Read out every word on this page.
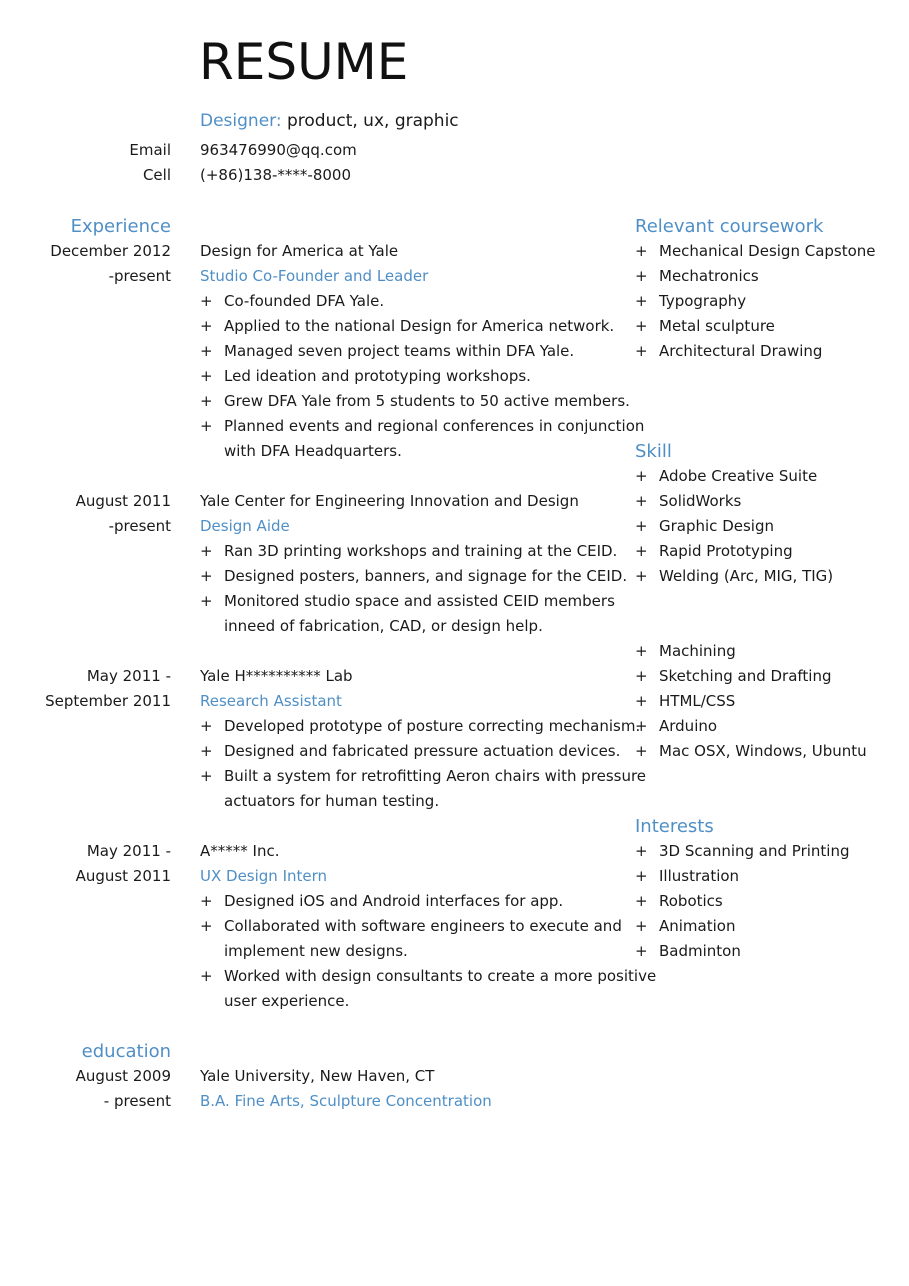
RESUME
Designer: product, ux, graphic
Email
Cell
963476990@qq.com
(+86)138-****-8000
Experience
December 2012
-present
Design for America at Yale
Studio Co-Founder and Leader
+ Co-founded DFA Yale.
+ Applied to the national Design for America network.
+ Managed seven project teams within DFA Yale.
+ Led ideation and prototyping workshops.
+ Grew DFA Yale from 5 students to 50 active members.
+ Planned events and regional conferences in conjunction
with DFA Headquarters.
August 2011
-present
Yale Center for Engineering Innovation and Design
Design Aide
+ Ran 3D printing workshops and training at the CEID.
+ Designed posters, banners, and signage for the CEID.
+ Monitored studio space and assisted CEID members
inneed of fabrication, CAD, or design help.
May 2011 -
September 2011
Yale H********** Lab
Research Assistant
+ Developed prototype of posture correcting mechanism.
+ Designed and fabricated pressure actuation devices.
+ Built a system for retrofitting Aeron chairs with pressure
actuators for human testing.
May 2011 -
August 2011
A***** Inc.
UX Design Intern
+ Designed iOS and Android interfaces for app.
+ Collaborated with software engineers to execute and
implement new designs.
+ Worked with design consultants to create a more positive
user experience.
education
August 2009
- present
Yale University, New Haven, CT
B.A. Fine Arts, Sculpture Concentration
Relevant coursework
+ Mechanical Design Capstone
+ Mechatronics
+ Typography
+ Metal sculpture
+ Architectural Drawing
Skill
+ Adobe Creative Suite
+ SolidWorks
+ Graphic Design
+ Rapid Prototyping
+ Welding (Arc, MIG, TIG)
+ Machining
+ Sketching and Drafting
+ HTML/CSS
+ Arduino
+ Mac OSX, Windows, Ubuntu
Interests
+ 3D Scanning and Printing
+ Illustration
+ Robotics
+ Animation
+ Badminton
